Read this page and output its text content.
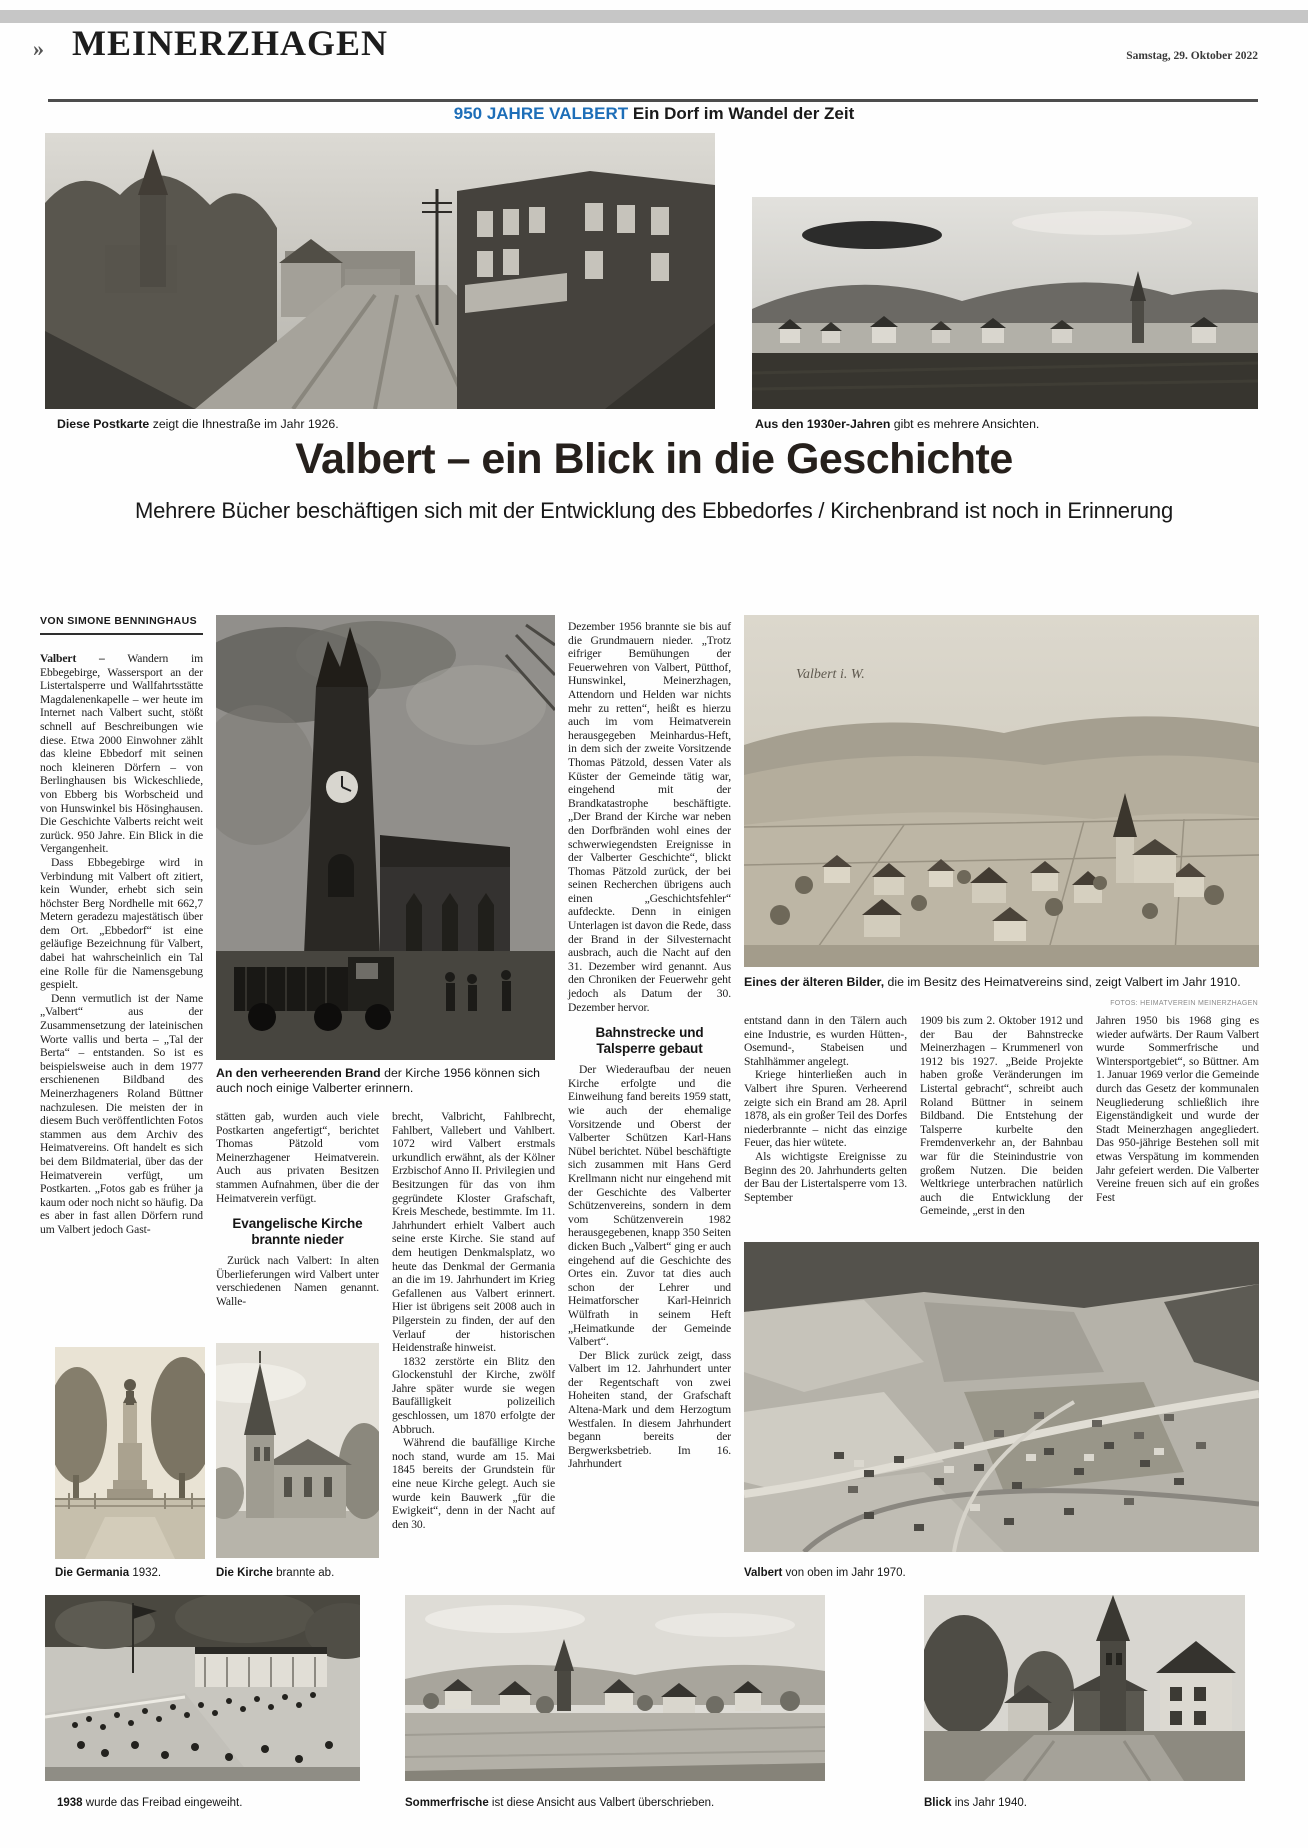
» MEINERZHAGEN	Samstag, 29. Oktober 2022
950 JAHRE VALBERT Ein Dorf im Wandel der Zeit
Diese Postkarte zeigt die Ihnestraße im Jahr 1926.	Aus den 1930er-Jahren gibt es mehrere Ansichten.
Valbert – ein Blick in die Geschichte
Mehrere Bücher beschäftigen sich mit der Entwicklung des Ebbedorfes / Kirchenbrand ist noch in Erinnerung
VON SIMONE BENNINGHAUS

Valbert – Wandern im Ebbegebirge, Wassersport an der Listertalsperre und Wallfahrtsstätte Magdalenenkapelle – wer heute im Internet nach Valbert sucht, stößt schnell auf Beschreibungen wie diese. Etwa 2000 Einwohner zählt das kleine Ebbedorf mit seinen noch kleineren Dörfern – von Berlinghausen bis Wickeschliede, von Ebberg bis Worbscheid und von Hunswinkel bis Hösinghausen. Die Geschichte Valberts reicht weit zurück. 950 Jahre. Ein Blick in die Vergangenheit.

Dass Ebbegebirge wird in Verbindung mit Valbert oft zitiert, kein Wunder, erhebt sich sein höchster Berg Nordhelle mit 662,7 Metern geradezu majestätisch über dem Ort. „Ebbedorf“ ist eine geläufige Bezeichnung für Valbert, dabei hat wahrscheinlich ein Tal eine Rolle für die Namensgebung gespielt.

Denn vermutlich ist der Name „Valbert“ aus der Zusammensetzung der lateinischen Worte vallis und berta – „Tal der Berta“ – entstanden. So ist es beispielsweise auch in dem 1977 erschienenen Bildband des Meinerzhageners Roland Büttner nachzulesen. Die meisten der in diesem Buch veröffentlichten Fotos stammen aus dem Archiv des Heimatvereins. Oft handelt es sich bei dem Bildmaterial, über das der Heimatverein verfügt, um Postkarten. „Fotos gab es früher ja kaum oder noch nicht so häufig. Da es aber in fast allen Dörfern rund um Valbert jedoch Gast-

Die Germania 1932.
An den verheerenden Brand der Kirche 1956 können sich auch noch einige Valberter erinnern.

stätten gab, wurden auch viele Postkarten angefertigt“, berichtet Thomas Pätzold vom Meinerzhagener Heimatverein. Auch aus privaten Besitzen stammen Aufnahmen, über die der Heimatverein verfügt.

Evangelische Kirche brannte nieder

Zurück nach Valbert: In alten Überlieferungen wird Valbert unter verschiedenen Namen genannt. Walle-

Die Kirche brannte ab.

brecht, Valbricht, Fahlbrecht, Fahlbert, Vallebert und Vahlbert. 1072 wird Valbert erstmals urkundlich erwähnt, als der Kölner Erzbischof Anno II. Privilegien und Besitzungen für das von ihm gegründete Kloster Grafschaft, Kreis Meschede, bestimmte. Im 11. Jahrhundert erhielt Valbert auch seine erste Kirche. Sie stand auf dem heutigen Denkmalsplatz, wo heute das Denkmal der Germania an die im 19. Jahrhundert im Krieg Gefallenen aus Valbert erinnert. Hier ist übrigens seit 2008 auch in Pilgerstein zu finden, der auf den Verlauf der historischen Heidenstraße hinweist.

1832 zerstörte ein Blitz den Glockenstuhl der Kirche, zwölf Jahre später wurde sie wegen Baufälligkeit polizeilich geschlossen, um 1870 erfolgte der Abbruch.

Während die baufällige Kirche noch stand, wurde am 15. Mai 1845 bereits der Grundstein für eine neue Kirche gelegt. Auch sie wurde kein Bauwerk „für die Ewigkeit“, denn in der Nacht auf den 30.

Dezember 1956 brannte sie bis auf die Grundmauern nieder. „Trotz eifriger Bemühungen der Feuerwehren von Valbert, Pütthof, Hunswinkel, Meinerzhagen, Attendorn und Helden war nichts mehr zu retten“, heißt es hierzu auch im vom Heimatverein herausgegeben Meinhardus-Heft, in dem sich der zweite Vorsitzende Thomas Pätzold, dessen Vater als Küster der Gemeinde tätig war, eingehend mit der Brandkatastrophe beschäftigte. „Der Brand der Kirche war neben den Dorfbränden wohl eines der schwerwiegendsten Ereignisse in der Valberter Geschichte“, blickt Thomas Pätzold zurück, der bei seinen Recherchen übrigens auch einen „Geschichtsfehler“ aufdeckte. Denn in einigen Unterlagen ist davon die Rede, dass der Brand in der Silvesternacht ausbrach, auch die Nacht auf den 31. Dezember wird genannt. Aus den Chroniken der Feuerwehr geht jedoch als Datum der 30. Dezember hervor.

Bahnstrecke und Talsperre gebaut

Der Wiederaufbau der neuen Kirche erfolgte und die Einweihung fand bereits 1959 statt, wie auch der ehemalige Vorsitzende und Oberst der Valberter Schützen Karl-Hans Nübel berichtet. Nübel beschäftigte sich zusammen mit Hans Gerd Krellmann nicht nur eingehend mit der Geschichte des Valberter Schützenvereins, sondern in dem vom Schützenverein 1982 herausgegebenen, knapp 350 Seiten dicken Buch „Valbert“ ging er auch eingehend auf die Geschichte des Ortes ein. Zuvor tat dies auch schon der Lehrer und Heimatforscher Karl-Heinrich Wülfrath in seinem Heft „Heimatkunde der Gemeinde Valbert“.

Der Blick zurück zeigt, dass Valbert im 12. Jahrhundert unter der Regentschaft von zwei Hoheiten stand, der Grafschaft Altena-Mark und dem Herzogtum Westfalen. In diesem Jahrhundert begann bereits der Bergwerksbetrieb. Im 16. Jahrhundert

Valbert i. W.
Eines der älteren Bilder, die im Besitz des Heimatvereins sind, zeigt Valbert im Jahr 1910.
FOTOS: HEIMATVEREIN MEINERZHAGEN

entstand dann in den Tälern auch eine Industrie, es wurden Hütten-, Osemund-, Stabeisen und Stahlhämmer angelegt.

Kriege hinterließen auch in Valbert ihre Spuren. Verheerend zeigte sich ein Brand am 28. April 1878, als ein großer Teil des Dorfes niederbrannte – nicht das einzige Feuer, das hier wütete.

Als wichtigste Ereignisse zu Beginn des 20. Jahrhunderts gelten der Bau der Listertalsperre vom 13. September

1909 bis zum 2. Oktober 1912 und der Bau der Bahnstrecke Meinerzhagen – Krummenerl von 1912 bis 1927. „Beide Projekte haben große Veränderungen im Listertal gebracht“, schreibt auch Roland Büttner in seinem Bildband. Die Entstehung der Talsperre kurbelte den Fremdenverkehr an, der Bahnbau war für die Steinindustrie von großem Nutzen. Die beiden Weltkriege unterbrachen natürlich auch die Entwicklung der Gemeinde, „erst in den

Jahren 1950 bis 1968 ging es wieder aufwärts. Der Raum Valbert wurde Sommerfrische und Wintersportgebiet“, so Büttner. Am 1. Januar 1969 verlor die Gemeinde durch das Gesetz der kommunalen Neugliederung schließlich ihre Eigenständigkeit und wurde der Stadt Meinerzhagen angegliedert. Das 950-jährige Bestehen soll mit etwas Verspätung im kommenden Jahr gefeiert werden. Die Valberter Vereine freuen sich auf ein großes Fest

Valbert von oben im Jahr 1970.
1938 wurde das Freibad eingeweiht.	Sommerfrische ist diese Ansicht aus Valbert überschrieben.	Blick ins Jahr 1940.
